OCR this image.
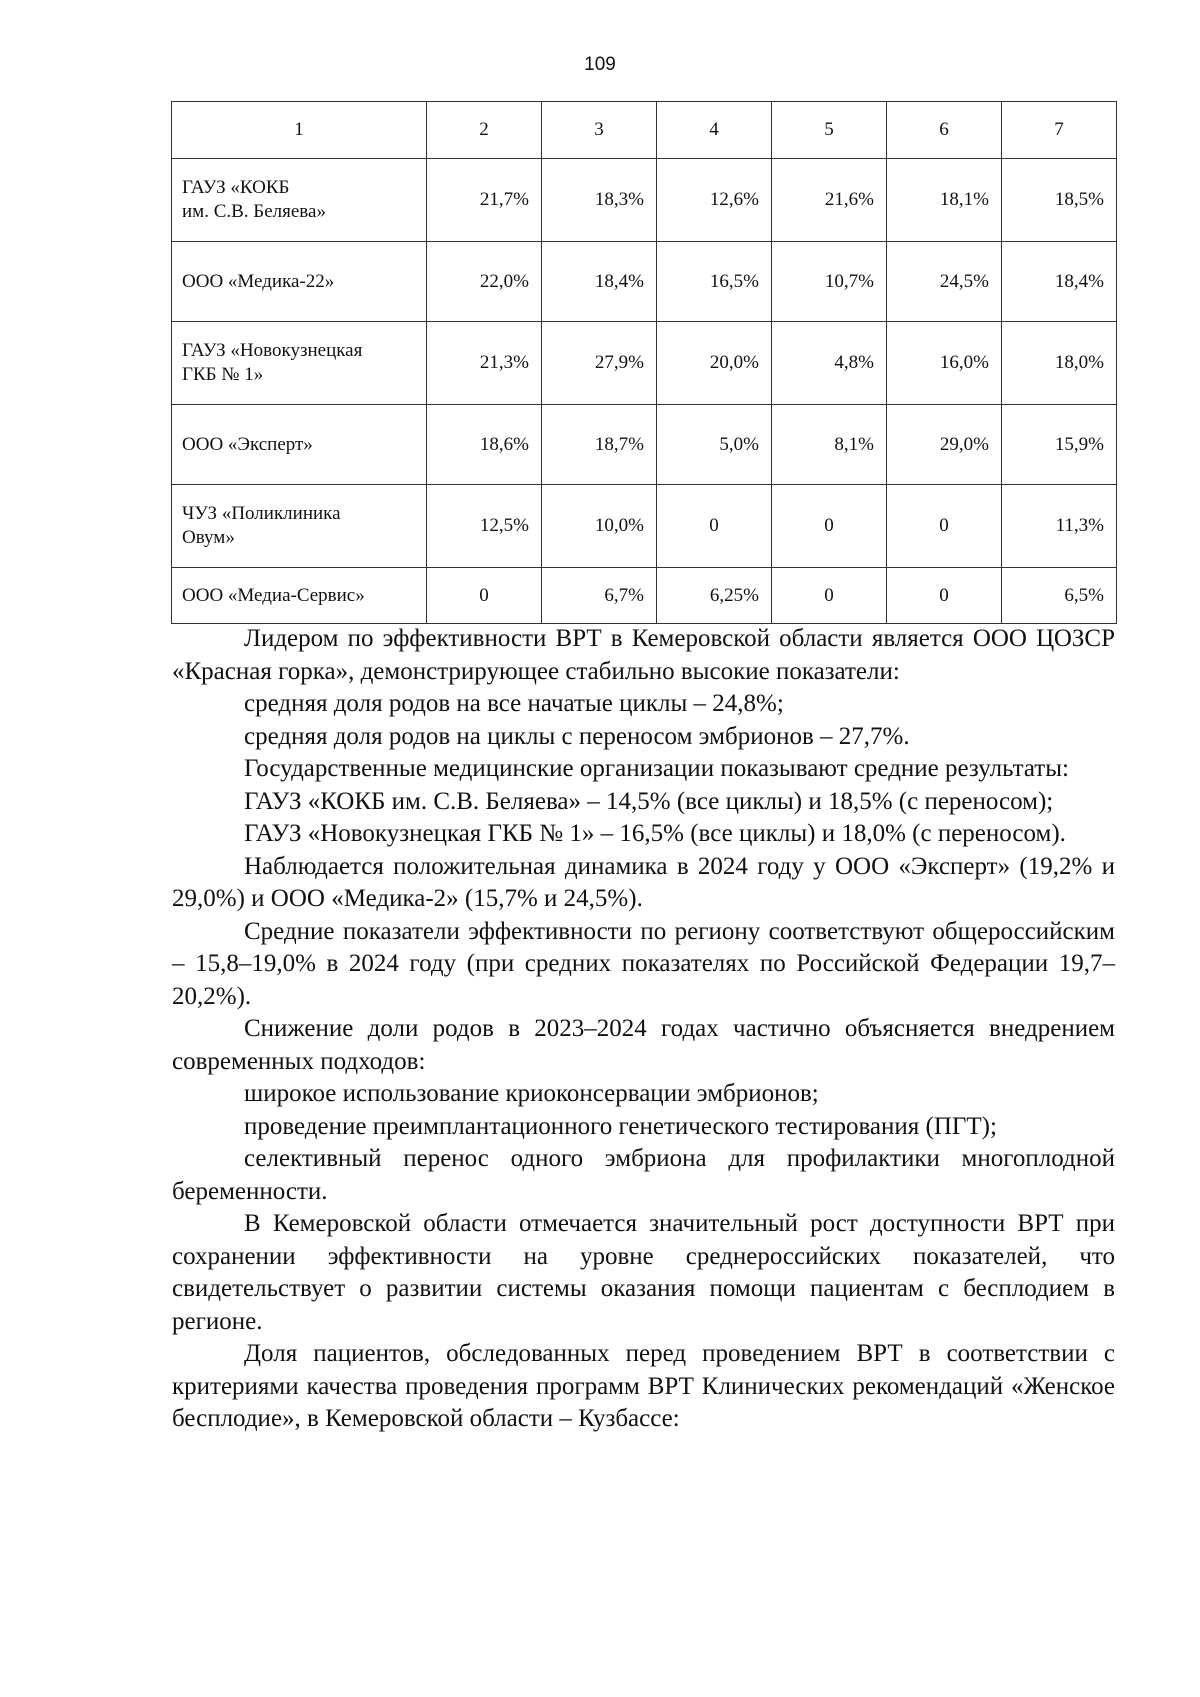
109
1	2	3	4	5	6	7
ГАУЗ «КОКБ
им. С.В. Беляева»	21,7%	18,3%	12,6%	21,6%	18,1%	18,5%
ООО «Медика-22»	22,0%	18,4%	16,5%	10,7%	24,5%	18,4%
ГАУЗ «Новокузнецкая
ГКБ № 1»	21,3%	27,9%	20,0%	4,8%	16,0%	18,0%
ООО «Эксперт»	18,6%	18,7%	5,0%	8,1%	29,0%	15,9%
ЧУЗ «Поликлиника
Овум»	12,5%	10,0%	0	0	0	11,3%
ООО «Медиа-Сервис»	0	6,7%	6,25%	0	0	6,5%

Лидером по эффективности ВРТ в Кемеровской области является ООО ЦОЗСР «Красная горка», демонстрирующее стабильно высокие показатели:

средняя доля родов на все начатые циклы – 24,8%;

средняя доля родов на циклы с переносом эмбрионов – 27,7%.

Государственные медицинские организации показывают средние результаты:

ГАУЗ «КОКБ им. С.В. Беляева» – 14,5% (все циклы) и 18,5% (с переносом);

ГАУЗ «Новокузнецкая ГКБ № 1» – 16,5% (все циклы) и 18,0% (с переносом).

Наблюдается положительная динамика в 2024 году у ООО «Эксперт» (19,2% и 29,0%) и ООО «Медика-2» (15,7% и 24,5%).

Средние показатели эффективности по региону соответствуют общероссийским – 15,8–19,0% в 2024 году (при средних показателях по Российской Федерации 19,7–20,2%).

Снижение доли родов в 2023–2024 годах частично объясняется внедрением современных подходов:

широкое использование криоконсервации эмбрионов;

проведение преимплантационного генетического тестирования (ПГТ);

селективный перенос одного эмбриона для профилактики многоплодной беременности.

В Кемеровской области отмечается значительный рост доступности ВРТ при сохранении эффективности на уровне среднероссийских показателей, что свидетельствует о развитии системы оказания помощи пациентам с бесплодием в регионе.

Доля пациентов, обследованных перед проведением ВРТ в соответствии с критериями качества проведения программ ВРТ Клинических рекомендаций «Женское бесплодие», в Кемеровской области – Кузбассе:
